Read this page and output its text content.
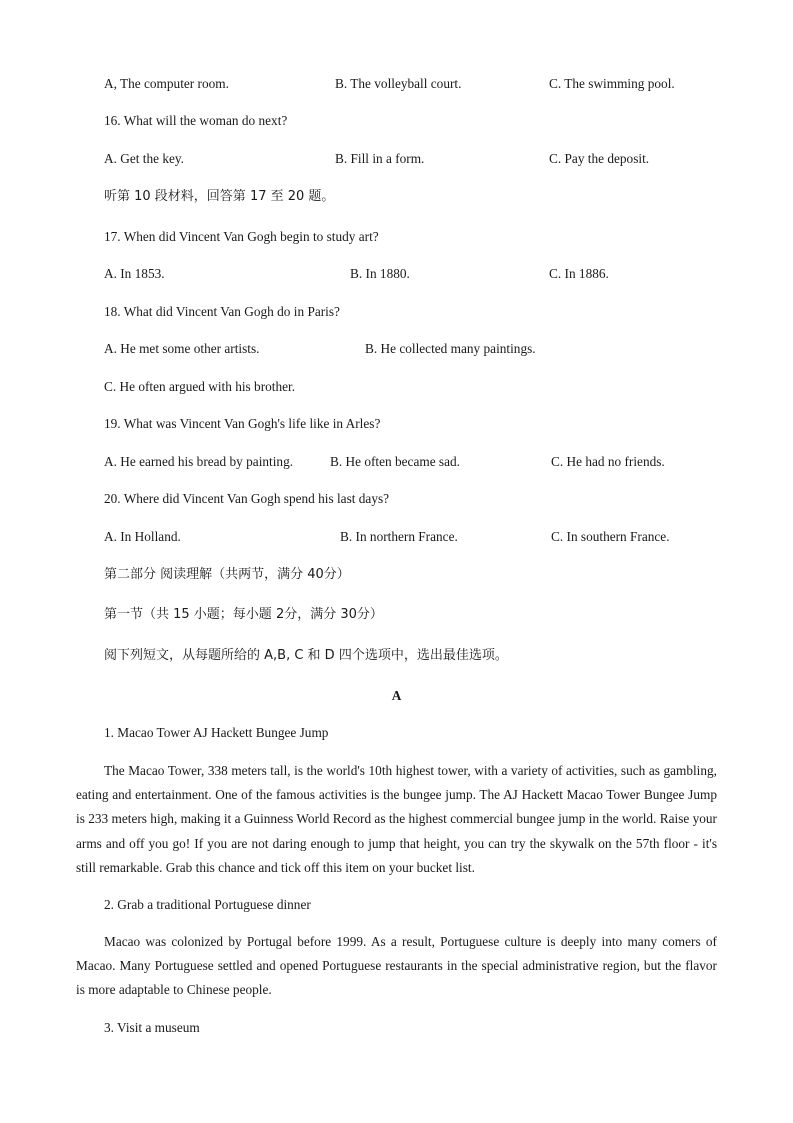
A, The computer room.	B. The volleyball court.	C. The swimming pool.
16. What will the woman do next?
A. Get the key.	B. Fill in a form.	C. Pay the deposit.
听第 10 段材料，回答第 17 至 20 题。
17. When did Vincent Van Gogh begin to study art?
A. In 1853.	B. In 1880.	C. In 1886.
18. What did Vincent Van Gogh do in Paris?
A. He met some other artists.	B. He collected many paintings.
C. He often argued with his brother.
19. What was Vincent Van Gogh's life like in Arles?
A. He earned his bread by painting.	B. He often became sad.	C. He had no friends.
20. Where did Vincent Van Gogh spend his last days?
A. In Holland.	B. In northern France.	C. In southern France.
第二部分 阅读理解（共两节，满分 40分）
第一节（共 15 小题；每小题 2分，满分 30分）
阅下列短文，从每题所给的 A,B, C 和 D 四个选项中，选出最佳选项。
A
1. Macao Tower AJ Hackett Bungee Jump
The Macao Tower, 338 meters tall, is the world's 10th highest tower, with a variety of activities, such as gambling, eating and entertainment. One of the famous activities is the bungee jump. The AJ Hackett Macao Tower Bungee Jump is 233 meters high, making it a Guinness World Record as the highest commercial bungee jump in the world. Raise your arms and off you go! If you are not daring enough to jump that height, you can try the skywalk on the 57th floor - it's still remarkable. Grab this chance and tick off this item on your bucket list.
2. Grab a traditional Portuguese dinner
Macao was colonized by Portugal before 1999. As a result, Portuguese culture is deeply into many comers of Macao. Many Portuguese settled and opened Portuguese restaurants in the special administrative region, but the flavor is more adaptable to Chinese people.
3. Visit a museum
